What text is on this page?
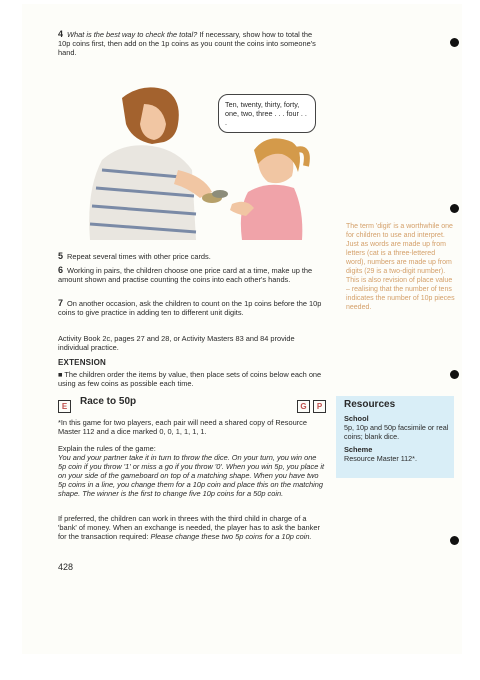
4 What is the best way to check the total? If necessary, show how to total the 10p coins first, then add on the 1p coins as you count the coins into someone's hand.
Ten, twenty, thirty, forty, one, two, three . . . four . . .
5 Repeat several times with other price cards.
6 Working in pairs, the children choose one price card at a time, make up the amount shown and practise counting the coins into each other's hands.
7 On another occasion, ask the children to count on the 1p coins before the 10p coins to give practice in adding ten to different unit digits.
Activity Book 2c, pages 27 and 28, or Activity Masters 83 and 84 provide individual practice.
EXTENSION
■ The children order the items by value, then place sets of coins below each one using as few coins as possible each time.
E Race to 50p	G P
*In this game for two players, each pair will need a shared copy of Resource Master 112 and a dice marked 0, 0, 1, 1, 1, 1.
Explain the rules of the game:
You and your partner take it in turn to throw the dice. On your turn, you win one 5p coin if you throw '1' or miss a go if you throw '0'. When you win 5p, you place it on your side of the gameboard on top of a matching shape. When you have two 5p coins in a line, you change them for a 10p coin and place this on the matching shape. The winner is the first to change five 10p coins for a 50p coin.
If preferred, the children can work in threes with the third child in charge of a 'bank' of money. When an exchange is needed, the player has to ask the banker for the transaction required: Please change these two 5p coins for a 10p coin.
The term 'digit' is a worthwhile one for children to use and interpret. Just as words are made up from letters (cat is a three-lettered word), numbers are made up from digits (29 is a two-digit number). This is also revision of place value – realising that the number of tens indicates the number of 10p pieces needed.
Resources
School
5p, 10p and 50p facsimile or real coins; blank dice.
Scheme
Resource Master 112*.
428
